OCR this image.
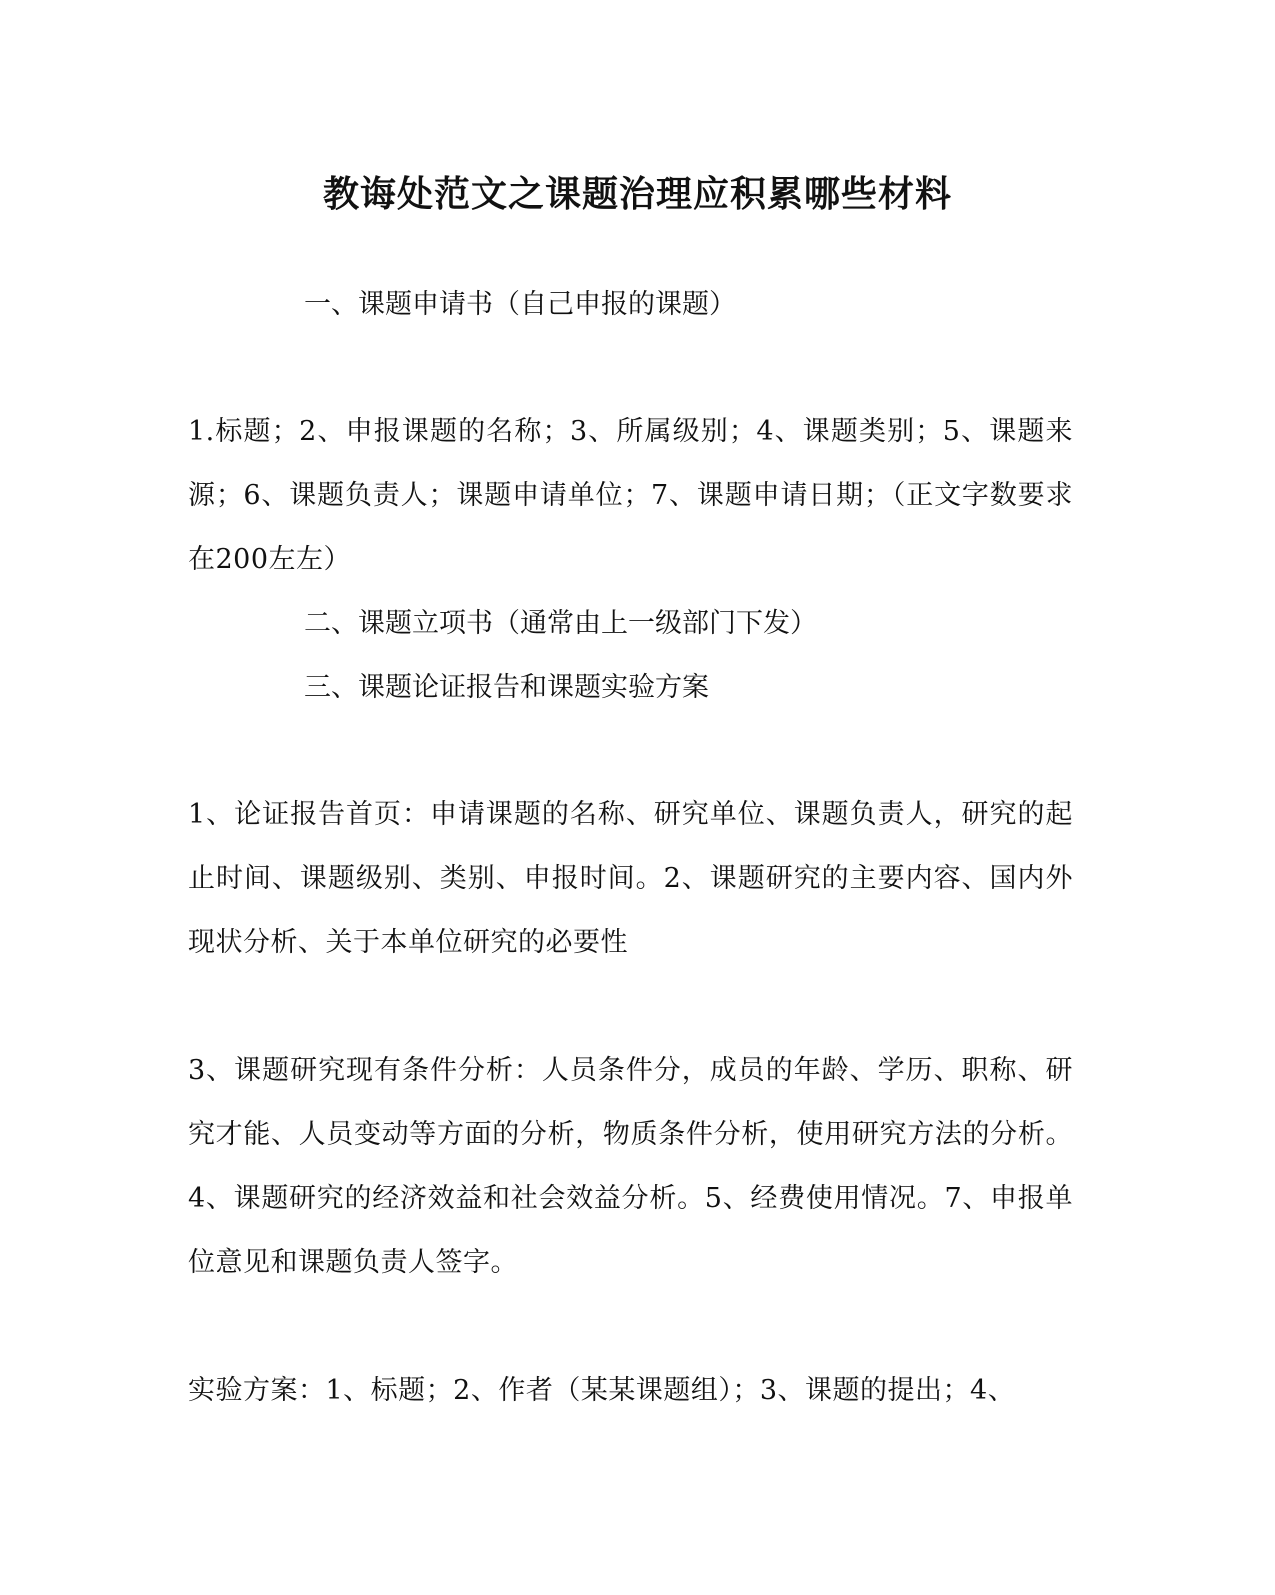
教诲处范文之课题治理应积累哪些材料

一、课题申请书（自己申报的课题）

1.标题；2、申报课题的名称；3、所属级别；4、课题类别；5、课题来源；6、课题负责人；课题申请单位；7、课题申请日期；（正文字数要求在200左左）

二、课题立项书（通常由上一级部门下发）

三、课题论证报告和课题实验方案

1、论证报告首页：申请课题的名称、研究单位、课题负责人，研究的起止时间、课题级别、类别、申报时间。2、课题研究的主要内容、国内外现状分析、关于本单位研究的必要性

3、课题研究现有条件分析：人员条件分，成员的年龄、学历、职称、研究才能、人员变动等方面的分析，物质条件分析，使用研究方法的分析。4、课题研究的经济效益和社会效益分析。5、经费使用情况。7、申报单位意见和课题负责人签字。

实验方案：1、标题；2、作者（某某课题组）；3、课题的提出；4、
